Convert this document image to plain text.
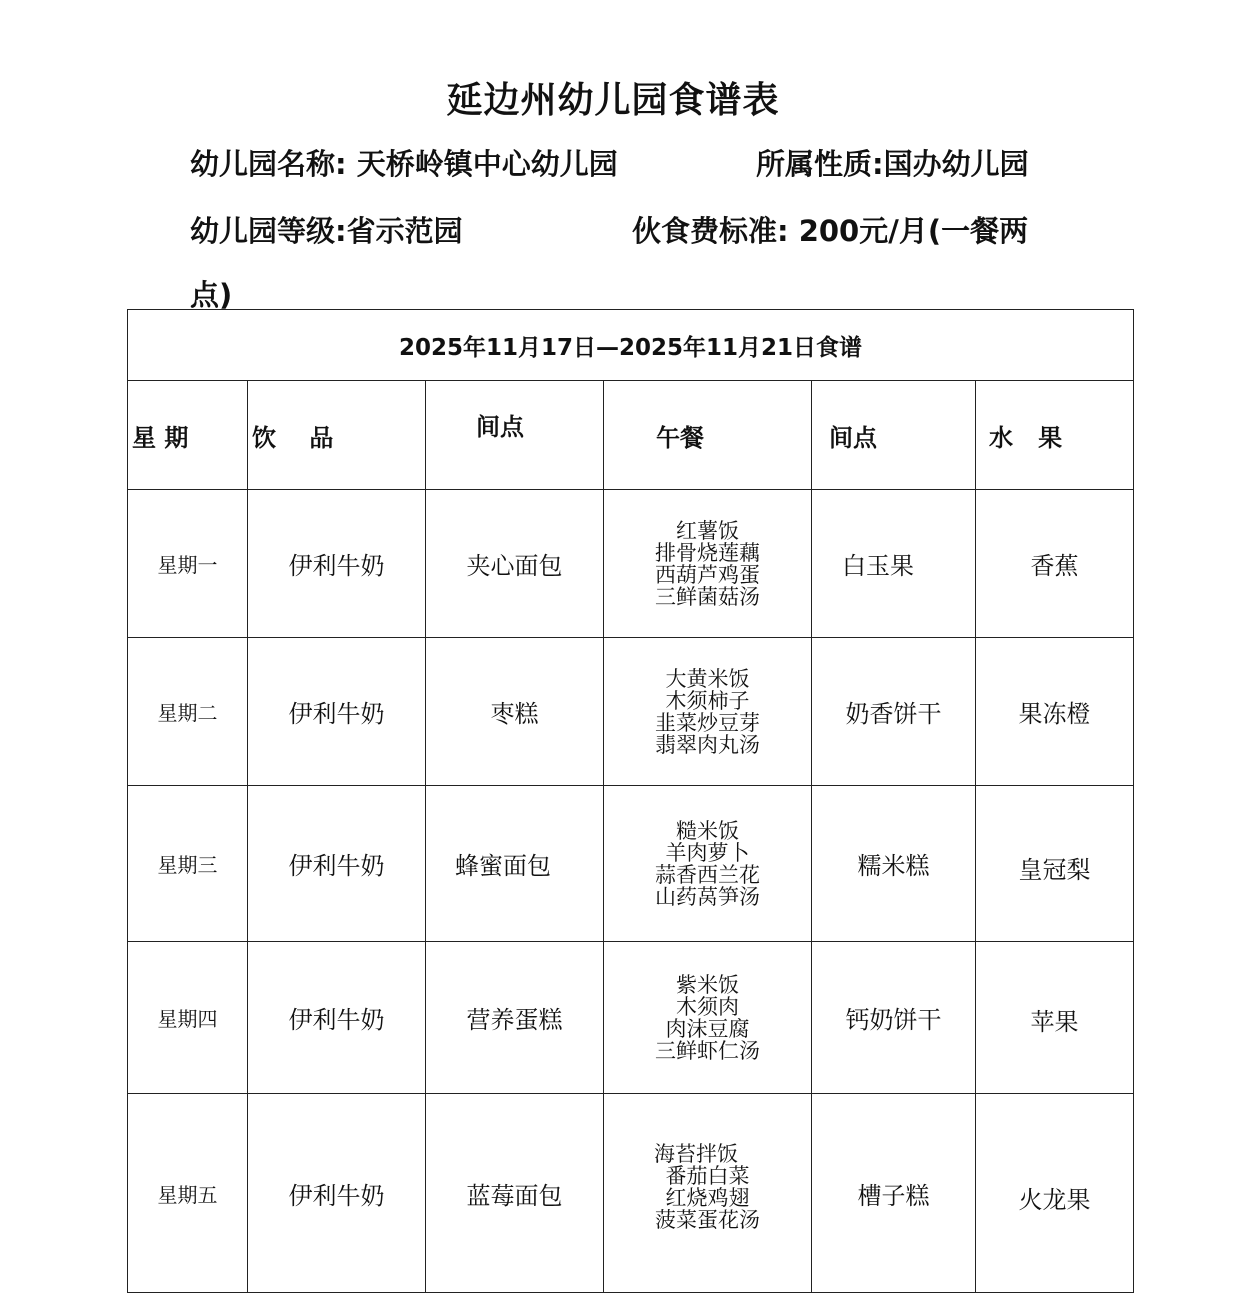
延边州幼儿园食谱表
幼儿园名称: 天桥岭镇中心幼儿园	所属性质:国办幼儿园
幼儿园等级:省示范园	伙食费标准: 200元/月(一餐两
点)
2025年11月17日—2025年11月21日食谱					

星 期	饮    品	间点	午餐	间点	水   果

星期一	伊利牛奶	夹心面包	红薯饭
排骨烧莲藕
西葫芦鸡蛋
三鲜菌菇汤	白玉果	香蕉
星期二	伊利牛奶	枣糕	大黄米饭
木须柿子
韭菜炒豆芽
翡翠肉丸汤	奶香饼干	果冻橙
星期三	伊利牛奶	蜂蜜面包	糙米饭
羊肉萝卜
蒜香西兰花
山药莴笋汤	糯米糕	皇冠梨
星期四	伊利牛奶	营养蛋糕	紫米饭
木须肉
肉沫豆腐
三鲜虾仁汤	钙奶饼干	苹果
星期五	伊利牛奶	蓝莓面包	海苔拌饭
番茄白菜
红烧鸡翅
菠菜蛋花汤	槽子糕	火龙果
